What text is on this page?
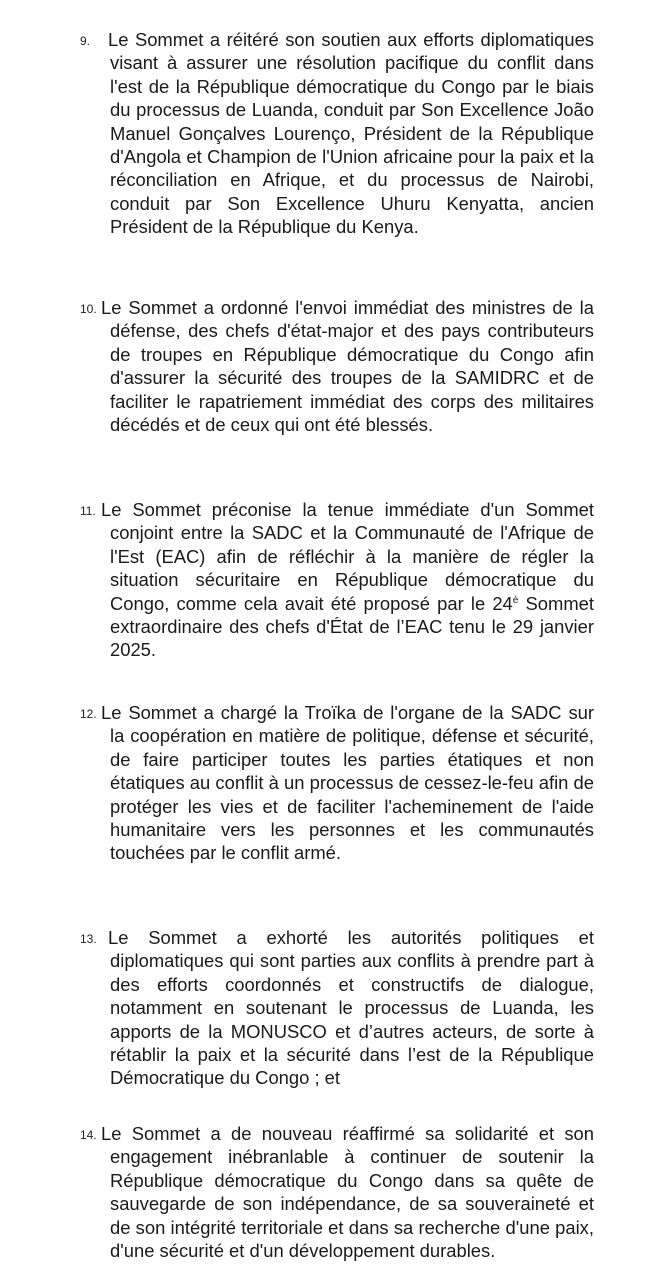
9. Le Sommet a réitéré son soutien aux efforts diplomatiques visant à assurer une résolution pacifique du conflit dans l'est de la République démocratique du Congo par le biais du processus de Luanda, conduit par Son Excellence João Manuel Gonçalves Lourenço, Président de la République d'Angola et Champion de l'Union africaine pour la paix et la réconciliation en Afrique, et du processus de Nairobi, conduit par Son Excellence Uhuru Kenyatta, ancien Président de la République du Kenya.

10. Le Sommet a ordonné l'envoi immédiat des ministres de la défense, des chefs d'état-major et des pays contributeurs de troupes en République démocratique du Congo afin d'assurer la sécurité des troupes de la SAMIDRC et de faciliter le rapatriement immédiat des corps des militaires décédés et de ceux qui ont été blessés.

11. Le Sommet préconise la tenue immédiate d'un Sommet conjoint entre la SADC et la Communauté de l'Afrique de l'Est (EAC) afin de réfléchir à la manière de régler la situation sécuritaire en République démocratique du Congo, comme cela avait été proposé par le $24^è$ Sommet extraordinaire des chefs d'État de l’EAC tenu le 29 janvier 2025.

12. Le Sommet a chargé la Troïka de l'organe de la SADC sur la coopération en matière de politique, défense et sécurité, de faire participer toutes les parties étatiques et non étatiques au conflit à un processus de cessez-le-feu afin de protéger les vies et de faciliter l'acheminement de l'aide humanitaire vers les personnes et les communautés touchées par le conflit armé.

13. Le Sommet a exhorté les autorités politiques et diplomatiques qui sont parties aux conflits à prendre part à des efforts coordonnés et constructifs de dialogue, notamment en soutenant le processus de Luanda, les apports de la MONUSCO et d’autres acteurs, de sorte à rétablir la paix et la sécurité dans l’est de la République Démocratique du Congo ; et

14. Le Sommet a de nouveau réaffirmé sa solidarité et son engagement inébranlable à continuer de soutenir la République démocratique du Congo dans sa quête de sauvegarde de son indépendance, de sa souveraineté et de son intégrité territoriale et dans sa recherche d'une paix, d'une sécurité et d'un développement durables.
